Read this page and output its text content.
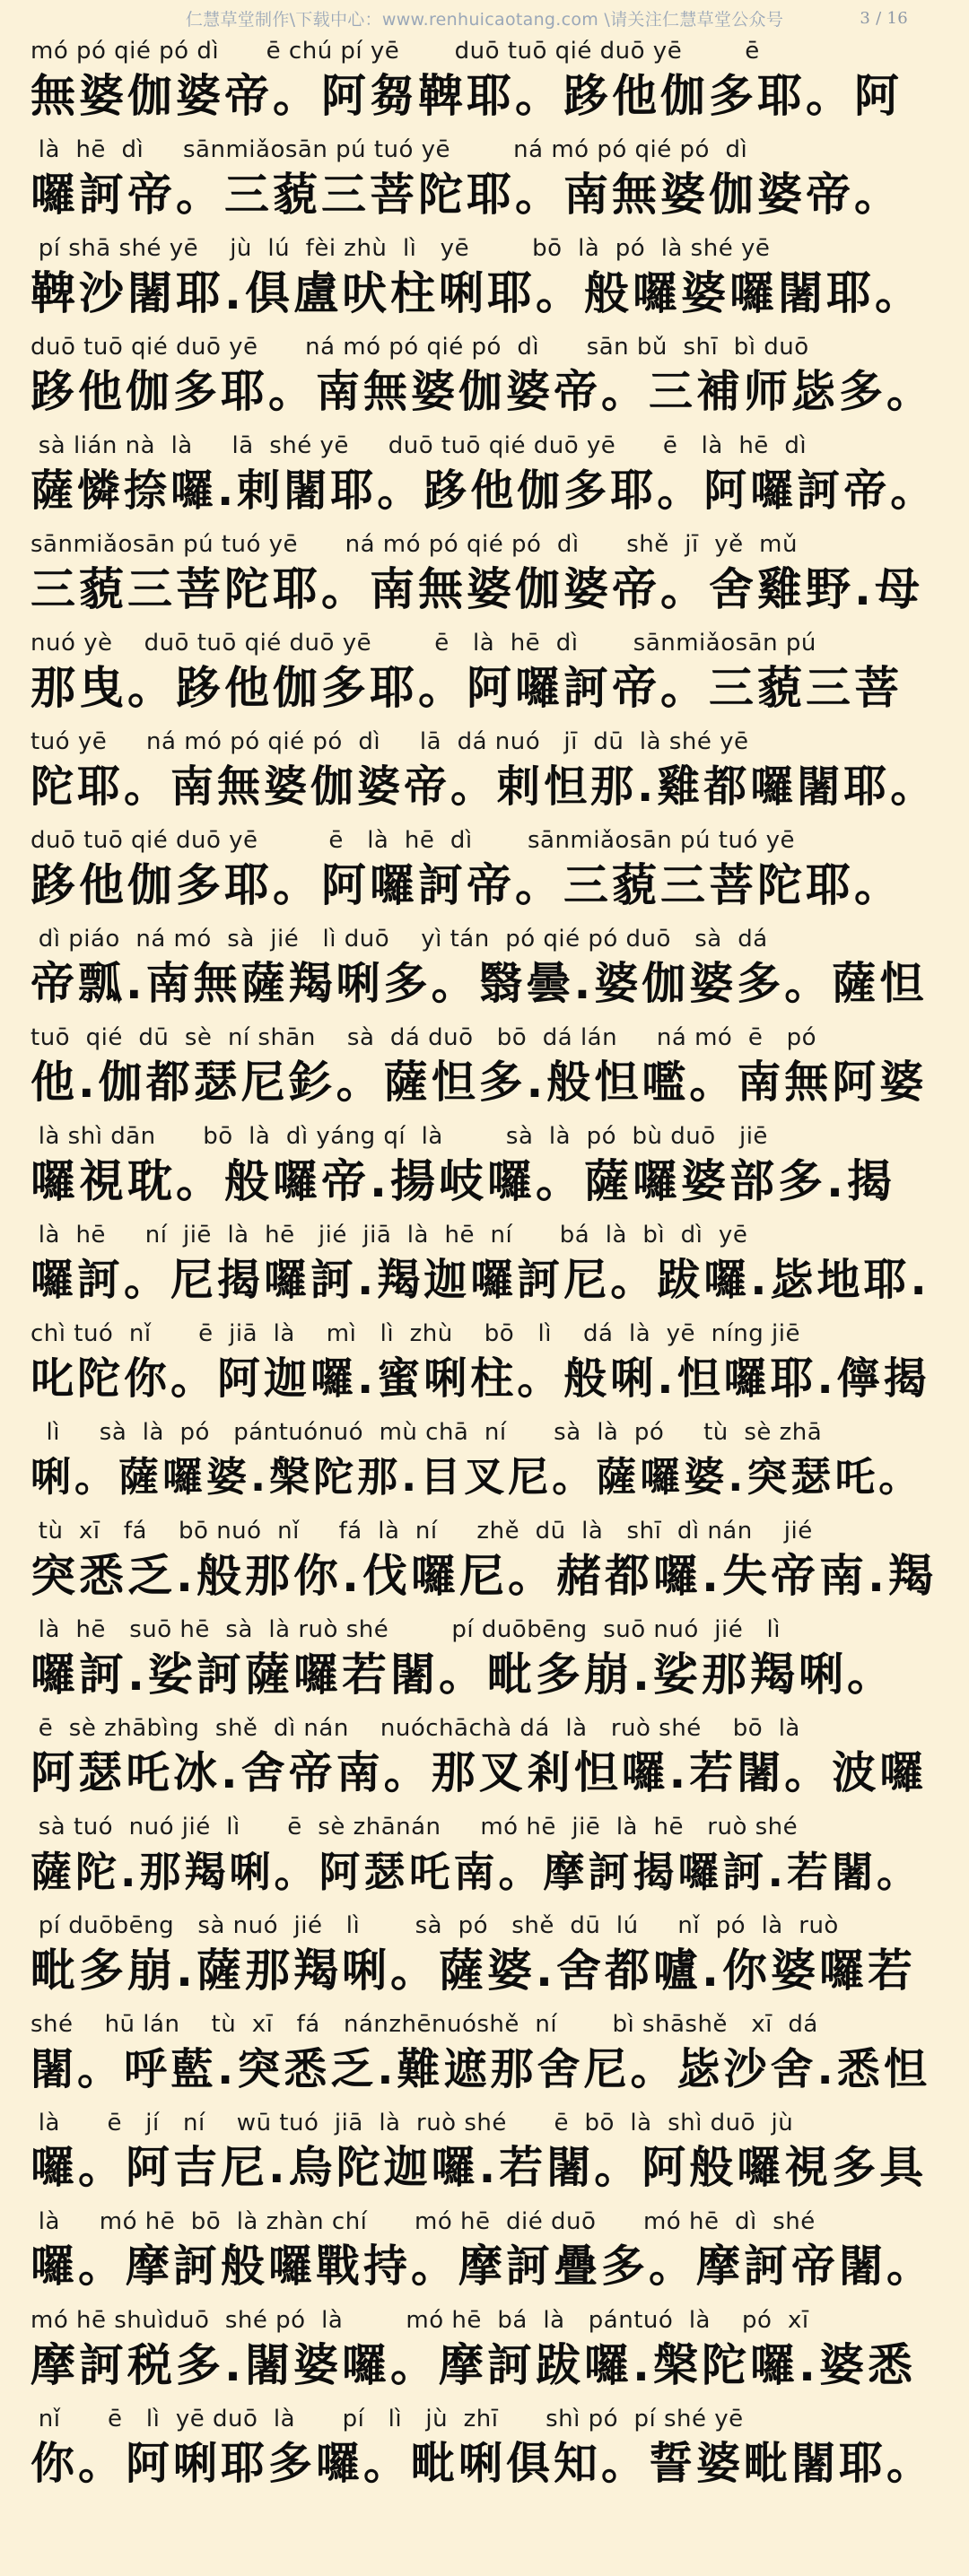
仁慧草堂制作\下载中心：www.renhuicaotang.com \请关注仁慧草堂公众号	3 / 16
mó pó qié pó dì      ē chú pí yē       duō tuō qié duō yē        ē
無婆伽婆帝。阿芻鞞耶。跢他伽多耶。阿
là  hē  dì     sānmiǎosān pú tuó yē        ná mó pó qié pó  dì
囉訶帝。三藐三菩陀耶。南無婆伽婆帝。
pí shā shé yē    jù  lú  fèi zhù  lì   yē        bō  là  pó  là shé yē
鞞沙闍耶.俱盧吠柱唎耶。般囉婆囉闍耶。
duō tuō qié duō yē      ná mó pó qié pó  dì      sān bǔ  shī  bì duō
跢他伽多耶。南無婆伽婆帝。三補师毖多。
sà lián nà  là     lā  shé yē     duō tuō qié duō yē      ē   là  hē  dì
薩憐捺囉.剌闍耶。跢他伽多耶。阿囉訶帝。
sānmiǎosān pú tuó yē      ná mó pó qié pó  dì      shě  jī  yě  mǔ
三藐三菩陀耶。南無婆伽婆帝。舍雞野.母
nuó yè    duō tuō qié duō yē        ē   là  hē  dì       sānmiǎosān pú
那曳。跢他伽多耶。阿囉訶帝。三藐三菩
tuó yē     ná mó pó qié pó  dì     lā  dá nuó   jī  dū  là shé yē
陀耶。南無婆伽婆帝。剌怛那.雞都囉闍耶。
duō tuō qié duō yē         ē   là  hē  dì       sānmiǎosān pú tuó yē
跢他伽多耶。阿囉訶帝。三藐三菩陀耶。
dì piáo  ná mó  sà  jié   lì duō    yì tán  pó qié pó duō   sà  dá
帝瓢.南無薩羯唎多。翳曇.婆伽婆多。薩怛
tuō  qié  dū  sè  ní shān    sà  dá duō   bō  dá lán     ná mó  ē   pó
他.伽都瑟尼釤。薩怛多.般怛嚂。南無阿婆
là shì dān      bō  là  dì yáng qí  là        sà  là  pó  bù duō   jiē
囉視耽。般囉帝.揚岐囉。薩囉婆部多.揭
là  hē     ní  jiē  là  hē   jié  jiā  là  hē  ní      bá  là  bì  dì  yē
囉訶。尼揭囉訶.羯迦囉訶尼。跋囉.毖地耶.
chì tuó  nǐ      ē  jiā  là    mì   lì  zhù    bō   lì    dá  là  yē  níng jiē
叱陀你。阿迦囉.蜜唎柱。般唎.怛囉耶.儜揭
lì     sà  là  pó   pántuónuó  mù chā  ní      sà  là  pó     tù  sè zhā
唎。薩囉婆.槃陀那.目叉尼。薩囉婆.突瑟吒。
tù  xī   fá    bō nuó  nǐ     fá  là  ní     zhě  dū  là   shī  dì nán    jié
突悉乏.般那你.伐囉尼。赭都囉.失帝南.羯
là  hē   suō hē  sà  là ruò shé        pí duōbēng  suō nuó  jié   lì
囉訶.娑訶薩囉若闍。毗多崩.娑那羯唎。
ē  sè zhābìng  shě  dì nán    nuóchāchà dá  là   ruò shé    bō  là
阿瑟吒冰.舍帝南。那叉剎怛囉.若闍。波囉
sà tuó  nuó jié  lì      ē  sè zhānán     mó hē  jiē  là  hē   ruò shé
薩陀.那羯唎。阿瑟吒南。摩訶揭囉訶.若闍。
pí duōbēng   sà nuó  jié   lì       sà  pó   shě  dū  lú     nǐ  pó  là  ruò
毗多崩.薩那羯唎。薩婆.舍都嚧.你婆囉若
shé    hū lán    tù  xī   fá   nánzhēnuóshě  ní       bì shāshě   xī  dá
闍。呼藍.突悉乏.難遮那舍尼。毖沙舍.悉怛
là      ē   jí   ní    wū tuó  jiā  là  ruò shé      ē  bō  là  shì duō  jù
囉。阿吉尼.烏陀迦囉.若闍。阿般囉視多具
là     mó hē  bō  là zhàn chí      mó hē  dié duō      mó hē  dì  shé
囉。摩訶般囉戰持。摩訶疊多。摩訶帝闍。
mó hē shuìduō  shé pó  là        mó hē  bá  là   pántuó  là    pó  xī
摩訶税多.闍婆囉。摩訶跋囉.槃陀囉.婆悉
nǐ      ē   lì  yē duō  là      pí   lì   jù  zhī      shì pó  pí shé yē
你。阿唎耶多囉。毗唎俱知。誓婆毗闍耶。
